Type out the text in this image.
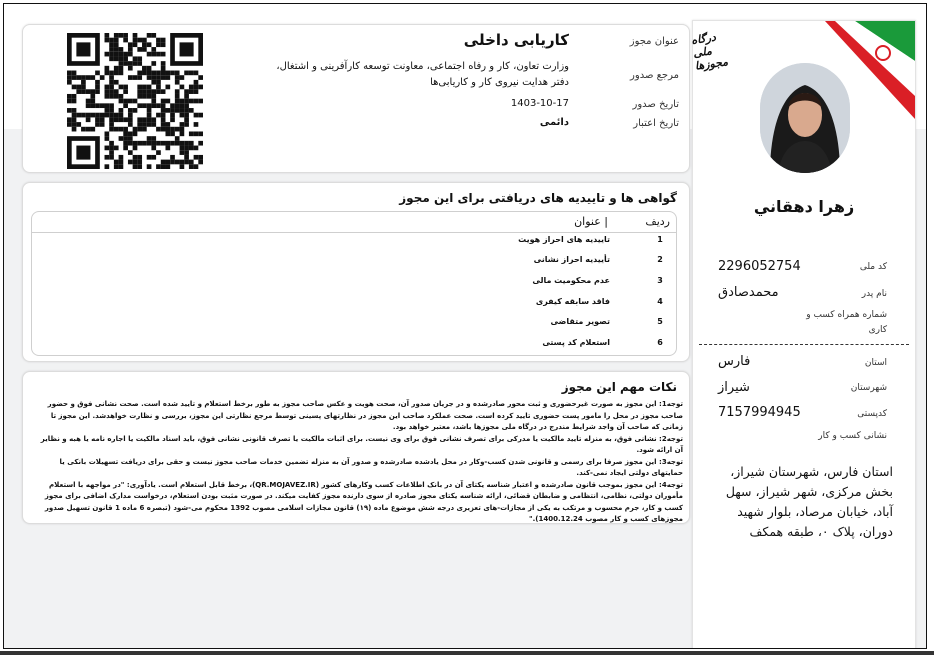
درگاه ملی مجوزها
زهرا دهقاني
کد ملی
2296052754
نام پدر
محمدصادق
شماره همراه کسب و کاری
استان
فارس
شهرستان
شیراز
کدپستی
7157994945
نشانی کسب و کار
استان فارس، شهرستان شیراز، بخش مرکزی، شهر شیراز، سهل آباد، خیابان مرصاد، بلوار شهید دوران، پلاک ۰، طبقه همکف
عنوان مجوز
کاریابی داخلی
مرجع صدور
وزارت تعاون، کار و رفاه اجتماعی، معاونت توسعه کارآفرینی و اشتغال، دفتر هدایت نیروی کار و کاریابی‌ها
تاریخ صدور
1403-10-17
تاریخ اعتبار
دائمی
گواهی ها و تاییدیه های دریافتی برای این مجوز
ردیف
عنوان |
1
تاییدیه های احراز هویت
2
تأییدیه احراز نشانی
3
عدم محکومیت مالی
4
فاقد سابقه کیفری
5
تصویر متقاضی
6
استعلام کد پستی
نکات مهم این مجوز

توجه1: این مجوز به صورت غیرحضوری و ثبت محور صادرشده و در جریان صدور آن، صحت هویت و عکس صاحب مجوز به طور برخط استعلام و تایید شده است. صحت نشانی فوق و حضور صاحب مجوز در محل را مامور پست حضوری تایید کرده است. صحت عملکرد صاحب این مجوز در نظارتهای پسینی توسط مرجع نظارتی این مجوز، بررسی و نظارت خواهدشد. این مجوز تا زمانی که صاحب آن واجد شرایط مندرج در درگاه ملی مجوزها باشد، معتبر خواهد بود.

توجه2: نشانی فوق، به منزله تایید مالکیت یا مدرکی برای تصرف نشانی فوق برای وی نیست. برای اثبات مالکیت یا تصرف قانونی نشانی فوق، باید اسناد مالکیت یا اجاره نامه یا هبه و نظایر آن ارائه شود.

توجه3: این مجوز صرفا برای رسمی و قانونی شدن کسب-وکار در محل یادشده صادرشده و صدور آن به منزله تضمین خدمات صاحب مجوز نیست و حقی برای دریافت تسهیلات بانکی یا حمایتهای دولتی ایجاد نمی-کند.

توجه4: این مجوز بموجب قانون صادرشده و اعتبار شناسه یکتای آن در بانک اطلاعات کسب وکارهای کشور (QR.MOJAVEZ.IR)، برخط قابل استعلام است. یادآوری: "در مواجهه با استعلام مأموران دولتی، نظامی، انتظامی و ضابطان قضائی، ارائه شناسه یکتای مجوز صادره از سوی دارنده مجوز کفایت میکند. در صورت مثبت بودن استعلام، درخواست مدارک اضافی برای مجوز کسب و کار، جرم محسوب و مرتکب به یکی از مجازات-های تعزیری درجه شش موضوع ماده (۱۹) قانون مجازات اسلامی مصوب 1392 محکوم می-شود (تبصره 6 ماده 1 قانون تسهیل صدور مجوزهای کسب و کار مصوب 1400.12.24)."
